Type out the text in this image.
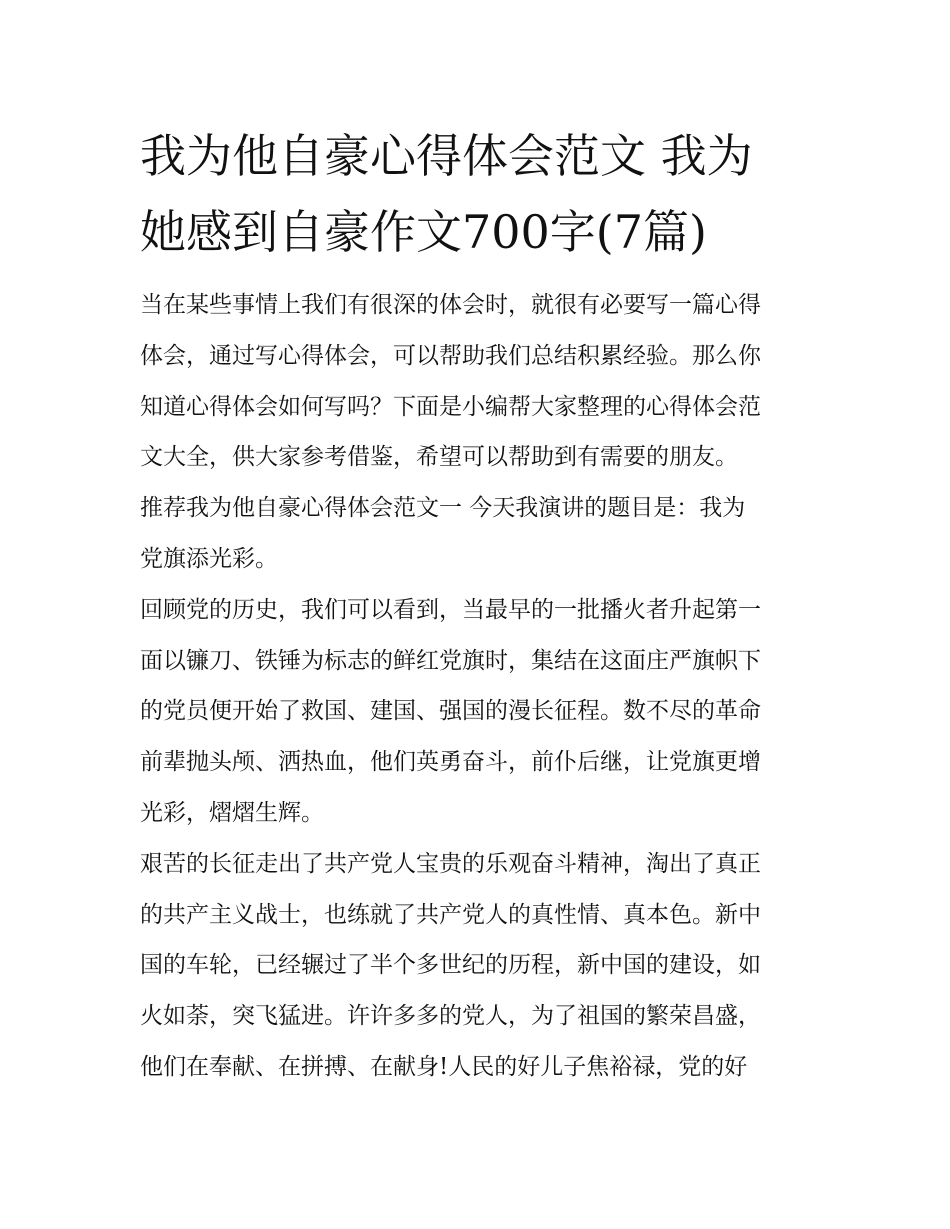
我为他自豪心得体会范文 我为
她感到自豪作文700字(7篇)

当在某些事情上我们有很深的体会时，就很有必要写一篇心得
体会，通过写心得体会，可以帮助我们总结积累经验。那么你
知道心得体会如何写吗？下面是小编帮大家整理的心得体会范
文大全，供大家参考借鉴，希望可以帮助到有需要的朋友。

推荐我为他自豪心得体会范文一 今天我演讲的题目是：我为
党旗添光彩。

回顾党的历史，我们可以看到，当最早的一批播火者升起第一
面以镰刀、铁锤为标志的鲜红党旗时，集结在这面庄严旗帜下
的党员便开始了救国、建国、强国的漫长征程。数不尽的革命
前辈抛头颅、洒热血，他们英勇奋斗，前仆后继，让党旗更增
光彩，熠熠生辉。

艰苦的长征走出了共产党人宝贵的乐观奋斗精神，淘出了真正
的共产主义战士，也练就了共产党人的真性情、真本色。新中
国的车轮，已经辗过了半个多世纪的历程，新中国的建设，如
火如荼，突飞猛进。许许多多的党人，为了祖国的繁荣昌盛，
他们在奉献、在拼搏、在献身!人民的好儿子焦裕禄，党的好
